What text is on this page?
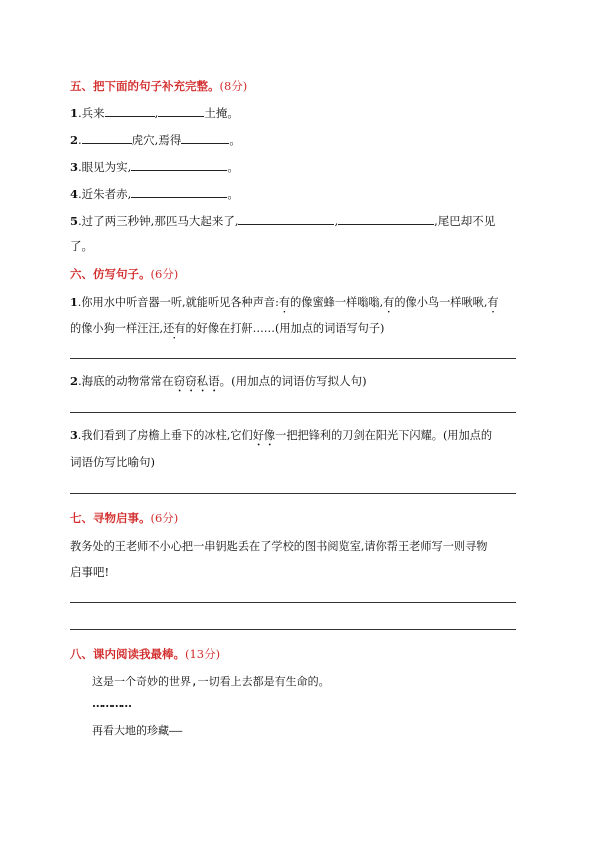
五、把下面的句子补充完整。(8分)
1.兵来	,	土掩。
2.	虎穴,焉得	。
3.眼见为实,	。
4.近朱者赤,	。
5.过了两三秒钟,那匹马大起来了,	,	,尾巴却不见
了。
六、仿写句子。(6分)
1.你用水中听音器一听,就能听见各种声音:有的像蜜蜂一样嗡嗡,有的像小鸟一样啾啾,有
的像小狗一样汪汪,还有的好像在打鼾……(用加点的词语写句子)
2.海底的动物常常在窃窃私语。(用加点的词语仿写拟人句)
3.我们看到了房檐上垂下的冰柱,它们好像一把把锋利的刀剑在阳光下闪耀。(用加点的
词语仿写比喻句)
七、寻物启事。(6分)
教务处的王老师不小心把一串钥匙丢在了学校的图书阅览室,请你帮王老师写一则寻物
启事吧!
八、课内阅读我最棒。(13分)
这是一个奇妙的世界,一切看上去都是有生命的。
…………
再看大地的珍藏——
